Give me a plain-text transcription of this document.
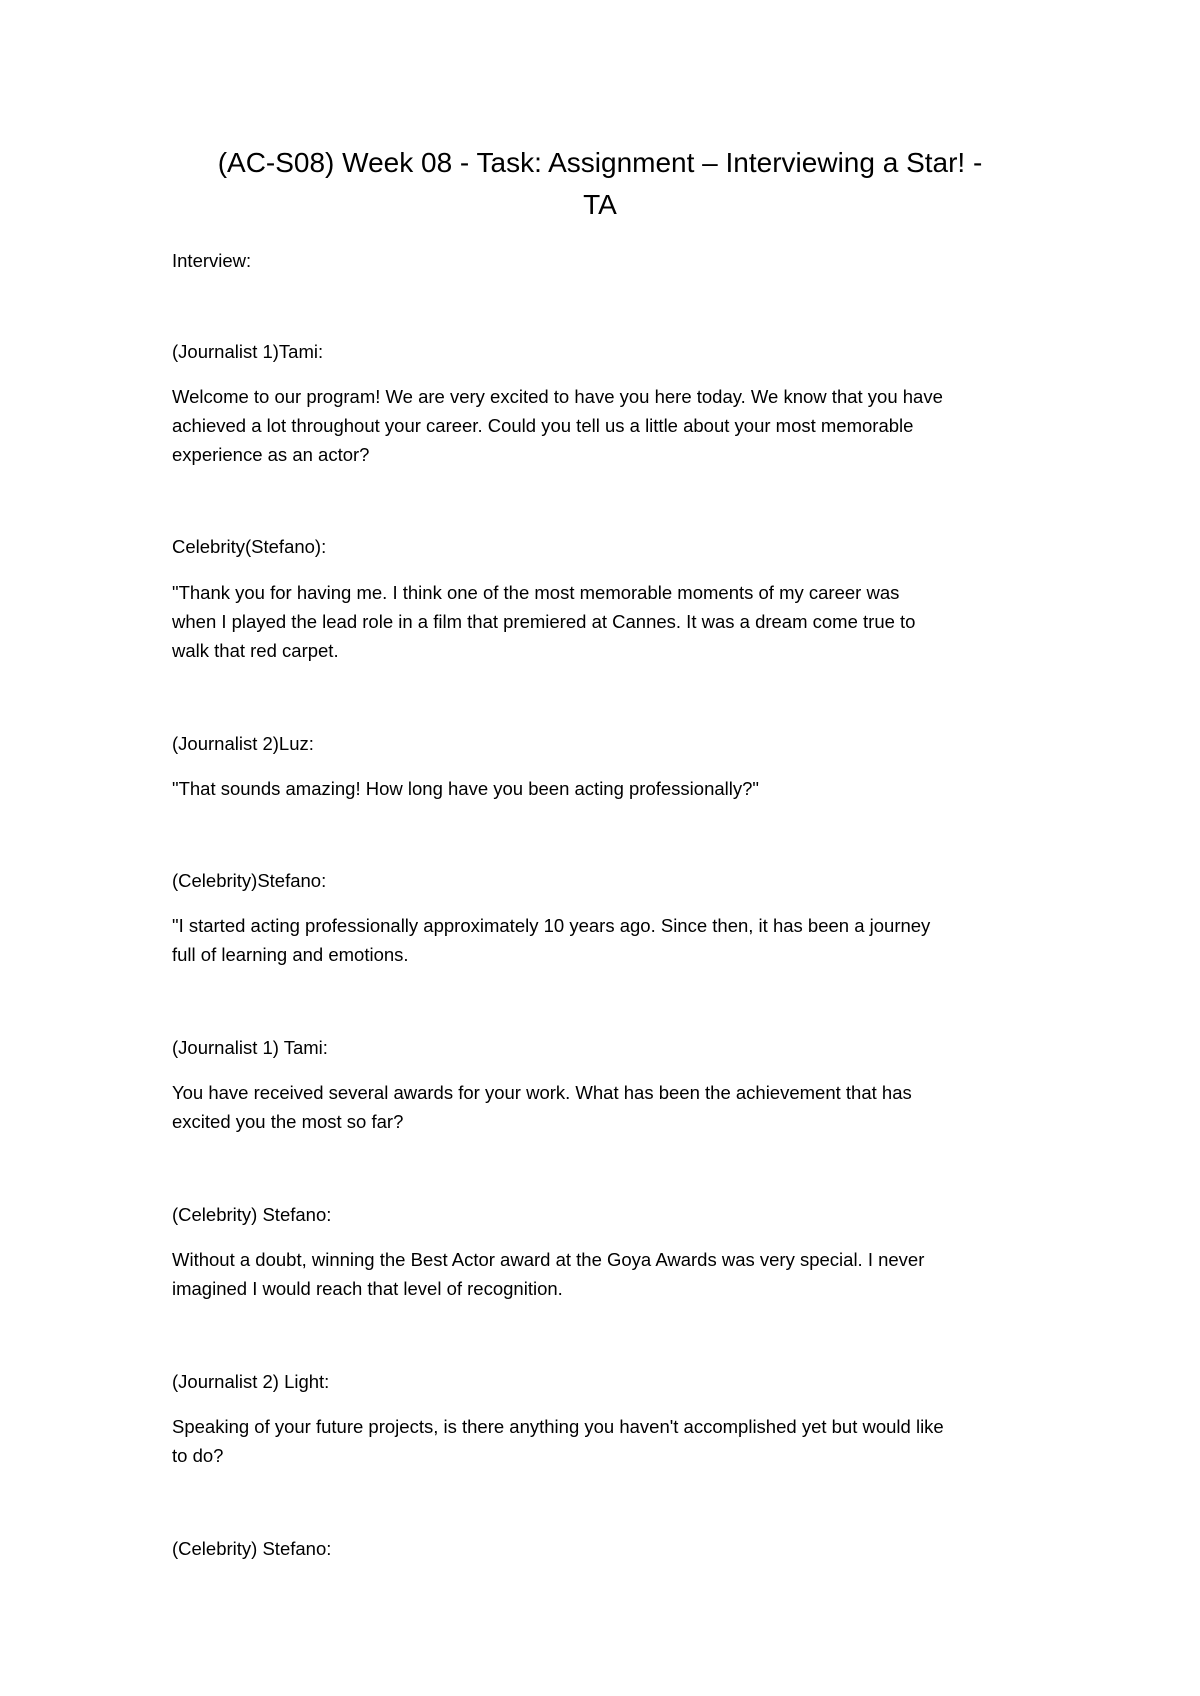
(AC-S08) Week 08 - Task: Assignment – Interviewing a Star! -
TA

Interview:

(Journalist 1)Tami:

Welcome to our program! We are very excited to have you here today. We know that you have
achieved a lot throughout your career. Could you tell us a little about your most memorable
experience as an actor?

Celebrity(Stefano):

"Thank you for having me. I think one of the most memorable moments of my career was
when I played the lead role in a film that premiered at Cannes. It was a dream come true to
walk that red carpet.

(Journalist 2)Luz:

"That sounds amazing! How long have you been acting professionally?"

(Celebrity)Stefano:

"I started acting professionally approximately 10 years ago. Since then, it has been a journey
full of learning and emotions.

(Journalist 1) Tami:

You have received several awards for your work. What has been the achievement that has
excited you the most so far?

(Celebrity) Stefano:

Without a doubt, winning the Best Actor award at the Goya Awards was very special. I never
imagined I would reach that level of recognition.

(Journalist 2) Light:

Speaking of your future projects, is there anything you haven't accomplished yet but would like
to do?

(Celebrity) Stefano:
